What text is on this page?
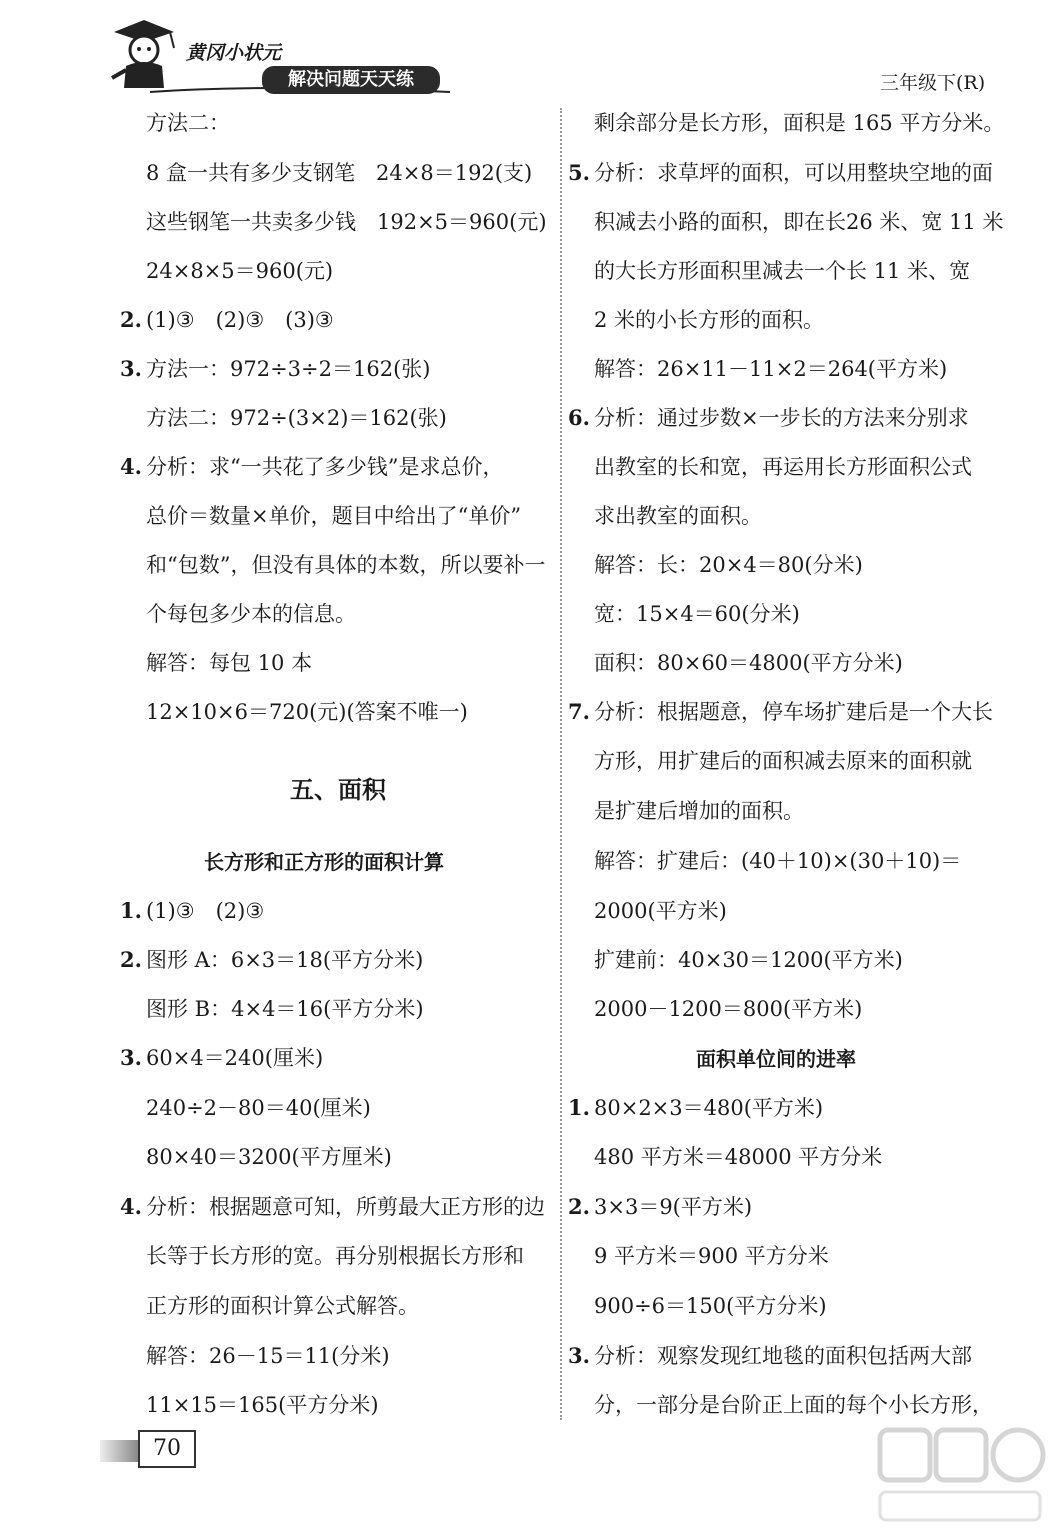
黄冈小状元
解决问题天天练	三年级下(R)
方法二：
8 盒一共有多少支钢笔　24×8＝192(支)
这些钢笔一共卖多少钱　192×5＝960(元)
24×8×5＝960(元)
2. (1)③　(2)③　(3)③
3. 方法一：972÷3÷2＝162(张)
方法二：972÷(3×2)＝162(张)
4. 分析：求“一共花了多少钱”是求总价，
总价＝数量×单价，题目中给出了“单价”
和“包数”，但没有具体的本数，所以要补一
个每包多少本的信息。
解答：每包 10 本
12×10×6＝720(元)(答案不唯一)
五、面积
长方形和正方形的面积计算
1. (1)③　(2)③
2. 图形 A：6×3＝18(平方分米)
图形 B：4×4＝16(平方分米)
3. 60×4＝240(厘米)
240÷2－80＝40(厘米)
80×40＝3200(平方厘米)
4. 分析：根据题意可知，所剪最大正方形的边
长等于长方形的宽。再分别根据长方形和
正方形的面积计算公式解答。
解答：26－15＝11(分米)
11×15＝165(平方分米)
剩余部分是长方形，面积是 165 平方分米。
5. 分析：求草坪的面积，可以用整块空地的面
积减去小路的面积，即在长26 米、宽 11 米
的大长方形面积里减去一个长 11 米、宽
2 米的小长方形的面积。
解答：26×11－11×2＝264(平方米)
6. 分析：通过步数×一步长的方法来分别求
出教室的长和宽，再运用长方形面积公式
求出教室的面积。
解答：长：20×4＝80(分米)
宽：15×4＝60(分米)
面积：80×60＝4800(平方分米)
7. 分析：根据题意，停车场扩建后是一个大长
方形，用扩建后的面积减去原来的面积就
是扩建后增加的面积。
解答：扩建后：(40＋10)×(30＋10)＝
2000(平方米)
扩建前：40×30＝1200(平方米)
2000－1200＝800(平方米)
面积单位间的进率
1. 80×2×3＝480(平方米)
480 平方米＝48000 平方分米
2. 3×3＝9(平方米)
9 平方米＝900 平方分米
900÷6＝150(平方分米)
3. 分析：观察发现红地毯的面积包括两大部
分，一部分是台阶正上面的每个小长方形，
70
